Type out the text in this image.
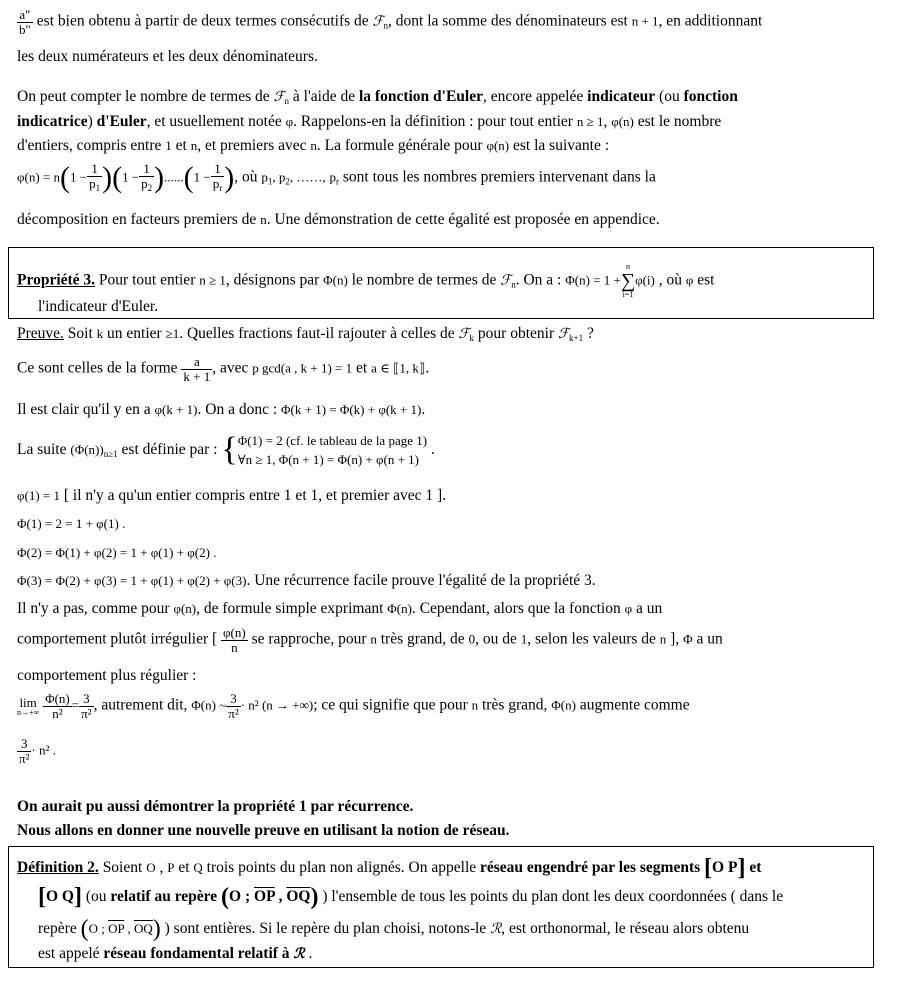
$\frac{a''}{b''}$ est bien obtenu à partir de deux termes consécutifs de ℱ$_n$, dont la somme des dénominateurs est n + 1, en additionnant
les deux numérateurs et les deux dénominateurs.
On peut compter le nombre de termes de ℱ$_n$ à l'aide de la fonction d'Euler, encore appelée indicateur (ou fonction
indicatrice) d'Euler, et usuellement notée φ. Rappelons-en la définition : pour tout entier n ≥ 1, φ(n) est le nombre
d'entiers, compris entre 1 et n, et premiers avec n. La formule générale pour φ(n) est la suivante :
$\varphi(n) = n(1 - \frac{1}{p_1} )(1 - \frac{1}{p_2} )......(1 - \frac{1}{p_r}$ ), où $p_1$, $p_2$, ……, $p_r$ sont tous les nombres premiers intervenant dans la
décomposition en facteurs premiers de n. Une démonstration de cette égalité est proposée en appendice.
Propriété 3. Pour tout entier n ≥ 1, désignons par Φ(n) le nombre de termes de ℱ$_n$. On a : Φ(n) = 1 +n
∑
i=1φ(i) , où φ est
l'indicateur d'Euler.
Preuve. Soit k un entier ≥1. Quelles fractions faut-il rajouter à celles de ℱ$_k$ pour obtenir ℱ$_{k+1}$ ?
Ce sont celles de la forme $\frac{a}{k + 1}$ , avec p gcd(a , k + 1) = 1 et a ∈ ⟦1, k⟧.
Il est clair qu'il y en a φ(k + 1). On a donc : Φ(k + 1) = Φ(k) + φ(k + 1).
La suite $(\Phi(n))_{n\ge 1}$ est définie par : { Φ(1) = 2 (cf. le tableau de la page 1)
∀n ≥ 1, Φ(n + 1) = Φ(n) + φ(n + 1)
.
φ(1) = 1 [ il n'y a qu'un entier compris entre 1 et 1, et premier avec 1 ].
Φ(1) = 2 = 1 + φ(1) .
Φ(2) = Φ(1) + φ(2) = 1 + φ(1) + φ(2) .
Φ(3) = Φ(2) + φ(3) = 1 + φ(1) + φ(2) + φ(3). Une récurrence facile prouve l'égalité de la propriété 3.
Il n'y a pas, comme pour φ(n), de formule simple exprimant Φ(n). Cependant, alors que la fonction φ a un
comportement plutôt irrégulier [ $\frac{\varphi(n)}{n}$ se rapproche, pour n très grand, de 0, ou de 1, selon les valeurs de n ], Φ a un
comportement plus régulier :
lim
n→+∞
$\frac{\Phi(n)}{\text{n²}} = \frac{3}{\text{π²}}$ , autrement dit, Φ(n) ~ $\frac{3}{\text{π²}} \cdot n^2$ (n → +∞); ce qui signifie que pour n très grand, Φ(n) augmente comme
$\frac{3}{\text{π²}} \cdot n^2$ .
On aurait pu aussi démontrer la propriété 1 par récurrence.
Nous allons en donner une nouvelle preuve en utilisant la notion de réseau.
Définition 2. Soient O , P et Q trois points du plan non alignés. On appelle réseau engendré par les segments [O P] et
[O Q] (ou relatif au repère (O ; $\overline{OP}$ , $\overline{OQ}$) ) l'ensemble de tous les points du plan dont les deux coordonnées ( dans le
repère (O ; $\overline{OP}$ , $\overline{OQ}$) ) sont entières. Si le repère du plan choisi, notons-le ℛ, est orthonormal, le réseau alors obtenu
est appelé réseau fondamental relatif à ℛ .
